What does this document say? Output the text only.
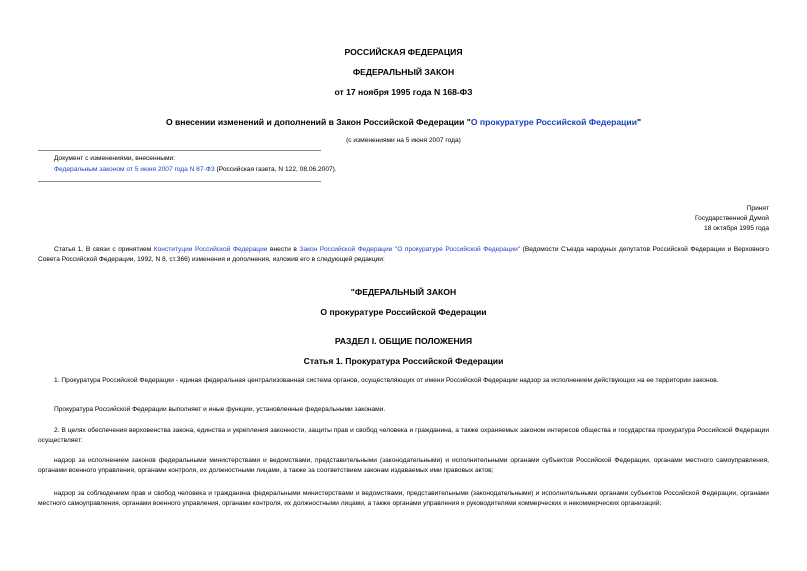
РОССИЙСКАЯ ФЕДЕРАЦИЯ
ФЕДЕРАЛЬНЫЙ ЗАКОН
от 17 ноября 1995 года N 168-ФЗ
О внесении изменений и дополнений в Закон Российской Федерации "О прокуратуре Российской Федерации"
(с изменениями на 5 июня 2007 года)
Документ с изменениями, внесенными:
Федеральным законом от 5 июня 2007 года N 87-ФЗ (Российская газета, N 122, 08.06.2007).
Принят
Государственной Думой
18 октября 1995 года
Статья 1. В связи с принятием Конституции Российской Федерации внести в Закон Российской Федерации "О прокуратуре Российской Федерации" (Ведомости Съезда народных депутатов Российской Федерации и Верховного Совета Российской Федерации, 1992, N 8, ст.366) изменения и дополнения, изложив его в следующей редакции:
"ФЕДЕРАЛЬНЫЙ ЗАКОН
О прокуратуре Российской Федерации
РАЗДЕЛ I. ОБЩИЕ ПОЛОЖЕНИЯ
Статья 1. Прокуратура Российской Федерации
1. Прокуратура Российской Федерации - единая федеральная централизованная система органов, осуществляющих от имени Российской Федерации надзор за исполнением действующих на ее территории законов.
Прокуратура Российской Федерации выполняет и иные функции, установленные федеральными законами.
2. В целях обеспечения верховенства закона, единства и укрепления законности, защиты прав и свобод человека и гражданина, а также охраняемых законом интересов общества и государства прокуратура Российской Федерации осуществляет:
надзор за исполнением законов федеральными министерствами и ведомствами, представительными (законодательными) и исполнительными органами субъектов Российской Федерации, органами местного самоуправления, органами военного управления, органами контроля, их должностными лицами, а также за соответствием законам издаваемых ими правовых актов;
надзор за соблюдением прав и свобод человека и гражданина федеральными министерствами и ведомствами, представительными (законодательными) и исполнительными органами субъектов Российской Федерации, органами местного самоуправления, органами военного управления, органами контроля, их должностными лицами, а также органами управления и руководителями коммерческих и некоммерческих организаций;
